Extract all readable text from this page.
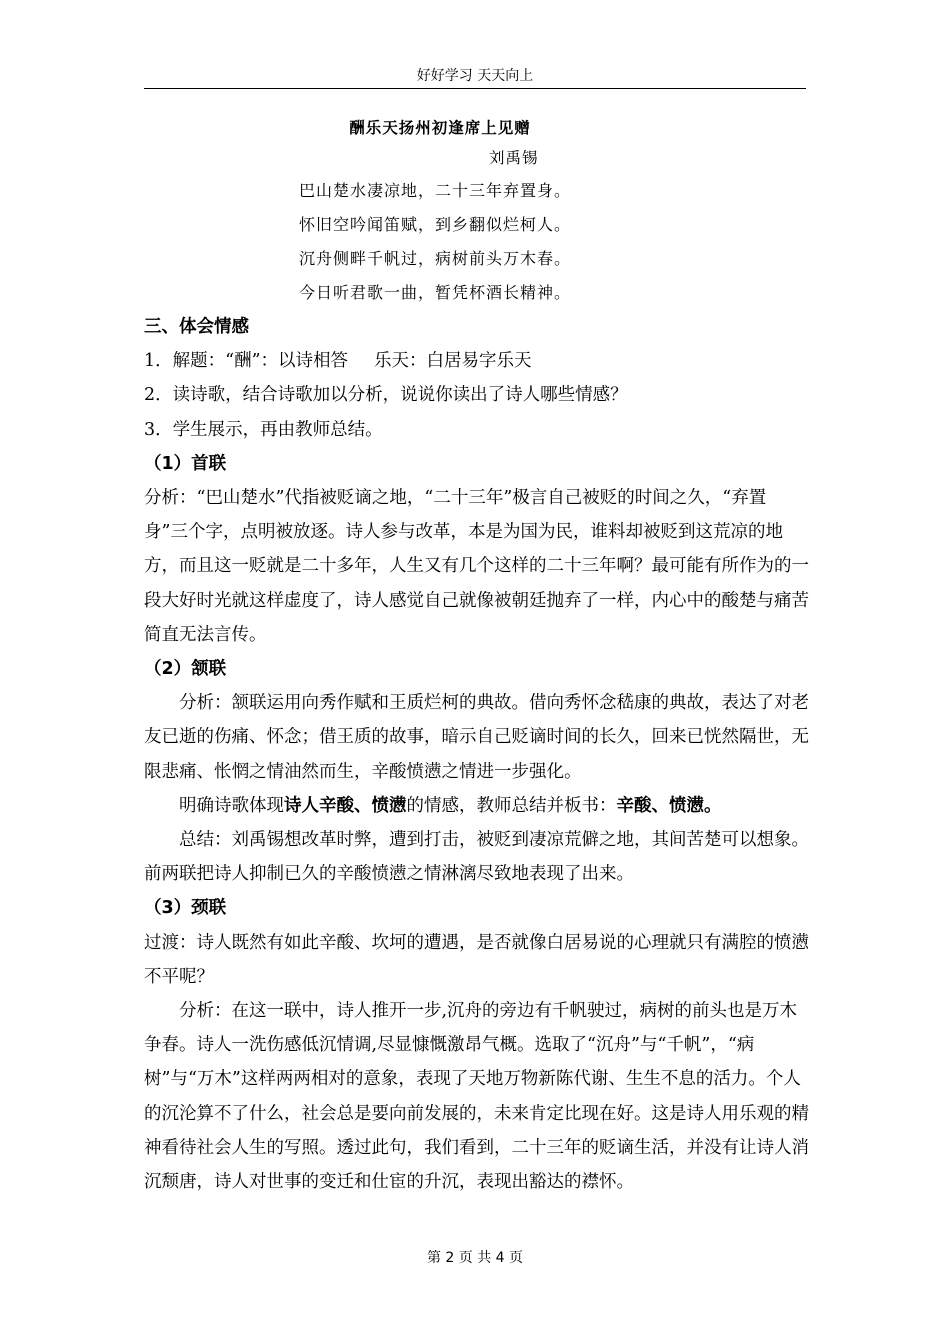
好好学习 天天向上
酬乐天扬州初逢席上见赠
刘禹锡
巴山楚水凄凉地，二十三年弃置身。
怀旧空吟闻笛赋，到乡翻似烂柯人。
沉舟侧畔千帆过，病树前头万木春。
今日听君歌一曲，暂凭杯酒长精神。

三、体会情感

1．解题：“酬”：以诗相答 乐天：白居易字乐天

2．读诗歌，结合诗歌加以分析，说说你读出了诗人哪些情感？

3．学生展示，再由教师总结。

（1）首联

分析：“巴山楚水”代指被贬谪之地，“二十三年”极言自己被贬的时间之久，“弃置身”三个字，点明被放逐。诗人参与改革，本是为国为民，谁料却被贬到这荒凉的地方，而且这一贬就是二十多年，人生又有几个这样的二十三年啊？最可能有所作为的一段大好时光就这样虚度了，诗人感觉自己就像被朝廷抛弃了一样，内心中的酸楚与痛苦简直无法言传。

（2）颔联

分析：颔联运用向秀作赋和王质烂柯的典故。借向秀怀念嵇康的典故，表达了对老友已逝的伤痛、怀念；借王质的故事，暗示自己贬谪时间的长久，回来已恍然隔世，无限悲痛、怅惘之情油然而生，辛酸愤懑之情进一步强化。

明确诗歌体现诗人辛酸、愤懑的情感，教师总结并板书：辛酸、愤懑。

总结：刘禹锡想改革时弊，遭到打击，被贬到凄凉荒僻之地，其间苦楚可以想象。前两联把诗人抑制已久的辛酸愤懑之情淋漓尽致地表现了出来。

（3）颈联

过渡：诗人既然有如此辛酸、坎坷的遭遇，是否就像白居易说的心理就只有满腔的愤懑不平呢？

分析：在这一联中，诗人推开一步,沉舟的旁边有千帆驶过，病树的前头也是万木争春。诗人一洗伤感低沉情调,尽显慷慨激昂气概。选取了“沉舟”与“千帆”，“病树”与“万木”这样两两相对的意象，表现了天地万物新陈代谢、生生不息的活力。个人的沉沦算不了什么，社会总是要向前发展的，未来肯定比现在好。这是诗人用乐观的精神看待社会人生的写照。透过此句，我们看到，二十三年的贬谪生活，并没有让诗人消沉颓唐，诗人对世事的变迁和仕宦的升沉，表现出豁达的襟怀。

第 2 页 共 4 页
